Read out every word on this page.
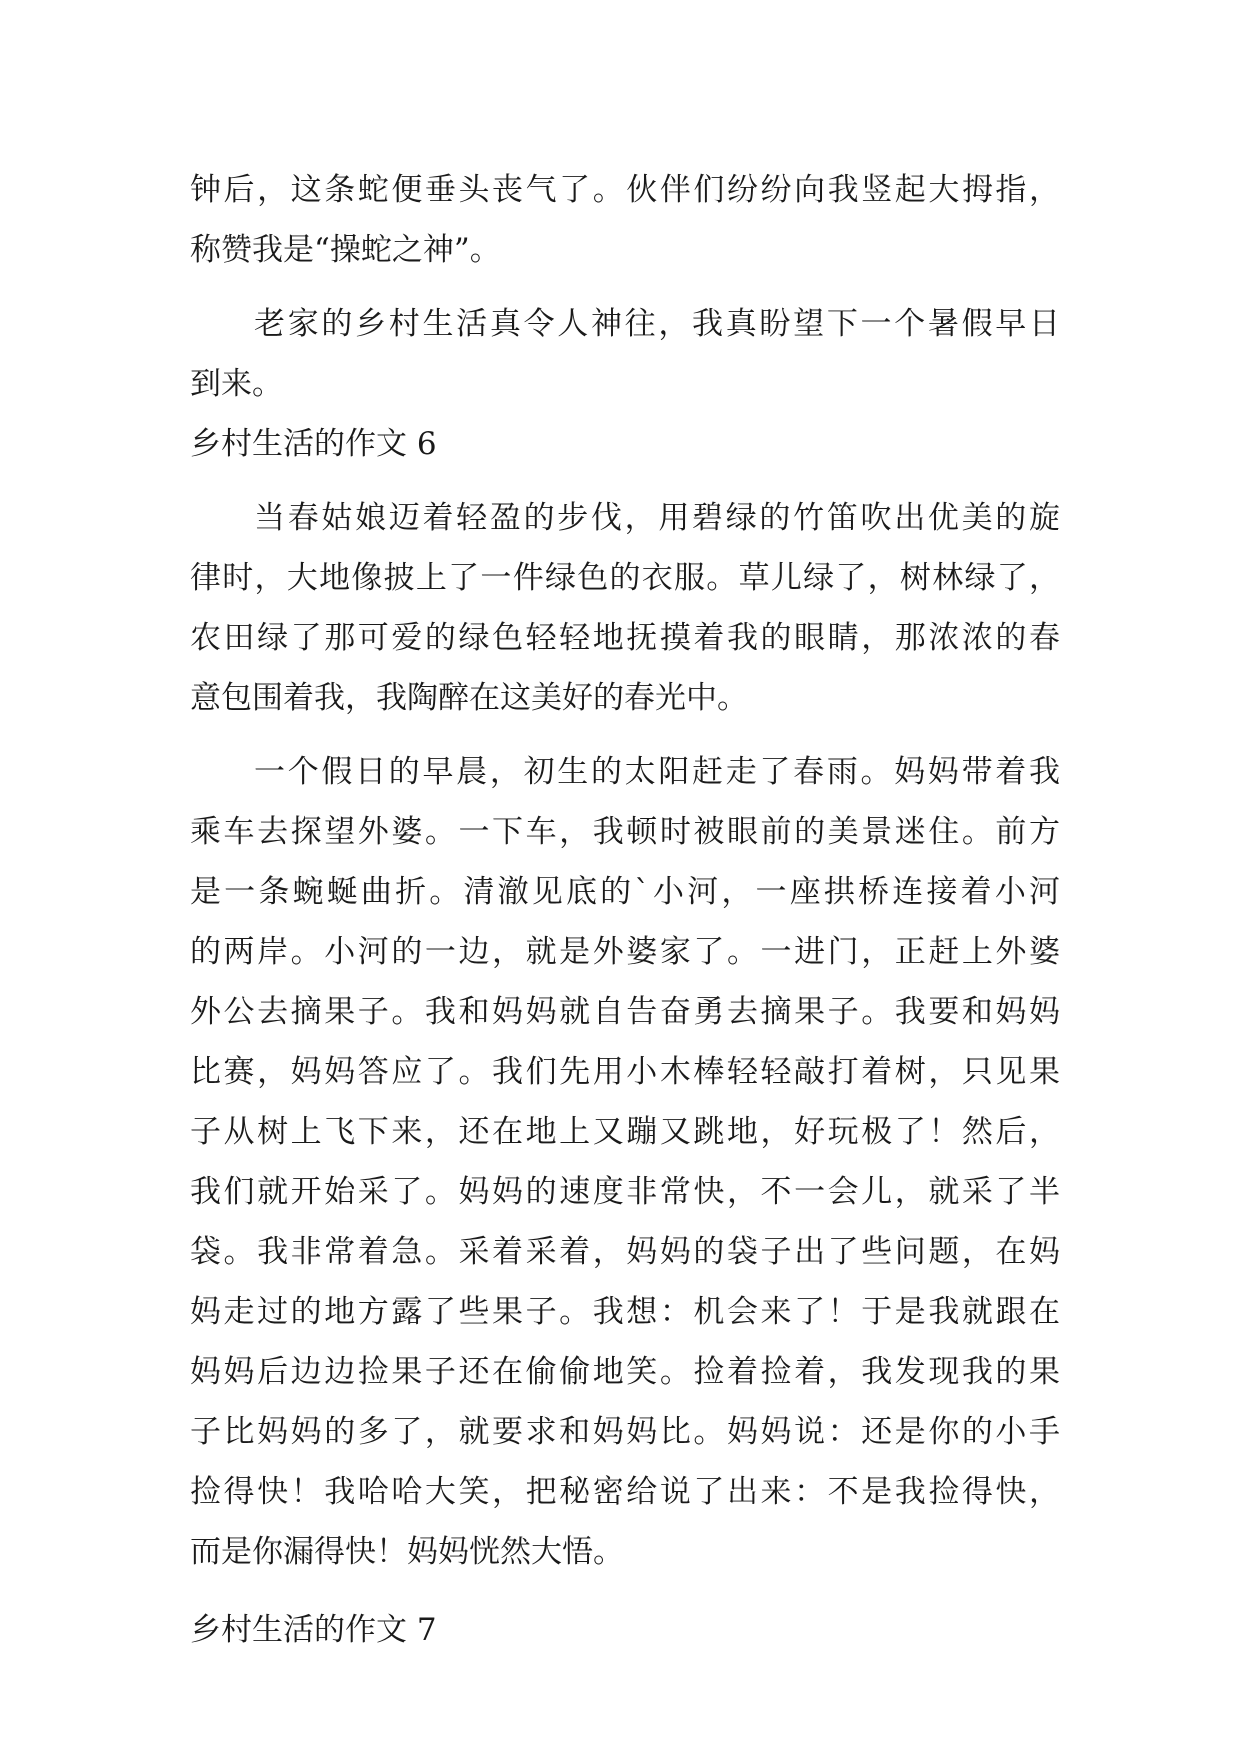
钟后，这条蛇便垂头丧气了。伙伴们纷纷向我竖起大拇指，
称赞我是“操蛇之神”。
老家的乡村生活真令人神往，我真盼望下一个暑假早日
到来。
乡村生活的作文 6
当春姑娘迈着轻盈的步伐，用碧绿的竹笛吹出优美的旋
律时，大地像披上了一件绿色的衣服。草儿绿了，树林绿了，
农田绿了那可爱的绿色轻轻地抚摸着我的眼睛，那浓浓的春
意包围着我，我陶醉在这美好的春光中。
一个假日的早晨，初生的太阳赶走了春雨。妈妈带着我
乘车去探望外婆。一下车，我顿时被眼前的美景迷住。前方
是一条蜿蜒曲折。清澈见底的`小河，一座拱桥连接着小河
的两岸。小河的一边，就是外婆家了。一进门，正赶上外婆
外公去摘果子。我和妈妈就自告奋勇去摘果子。我要和妈妈
比赛，妈妈答应了。我们先用小木棒轻轻敲打着树，只见果
子从树上飞下来，还在地上又蹦又跳地，好玩极了！然后，
我们就开始采了。妈妈的速度非常快，不一会儿，就采了半
袋。我非常着急。采着采着，妈妈的袋子出了些问题，在妈
妈走过的地方露了些果子。我想：机会来了！于是我就跟在
妈妈后边边捡果子还在偷偷地笑。捡着捡着，我发现我的果
子比妈妈的多了，就要求和妈妈比。妈妈说：还是你的小手
捡得快！我哈哈大笑，把秘密给说了出来：不是我捡得快，
而是你漏得快！妈妈恍然大悟。
乡村生活的作文 7
